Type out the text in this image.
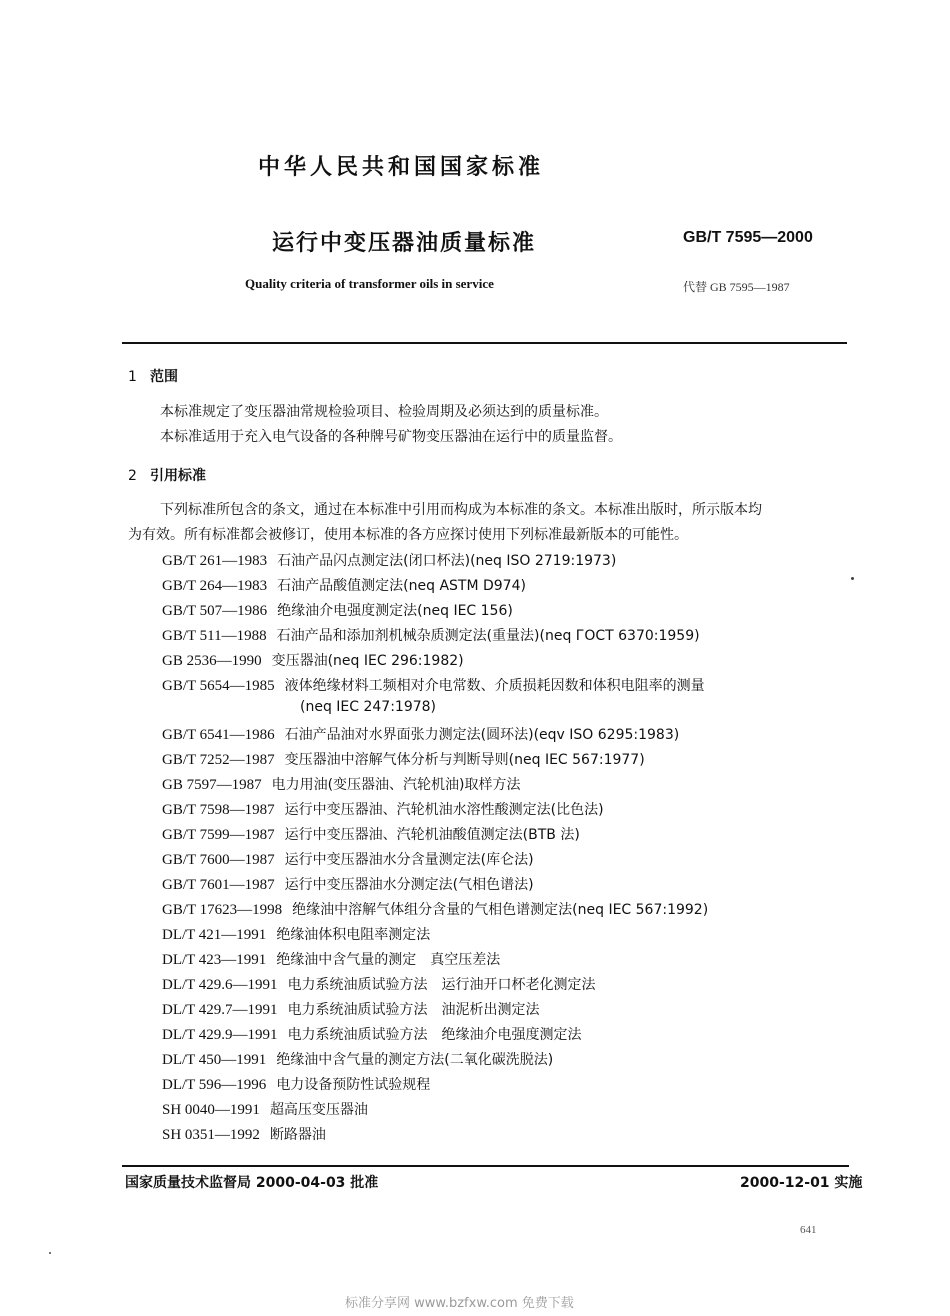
中华人民共和国国家标准
运行中变压器油质量标准	GB/T 7595—2000
Quality criteria of transformer oils in service	代替 GB 7595—1987
1 范围
本标准规定了变压器油常规检验项目、检验周期及必须达到的质量标准。
本标准适用于充入电气设备的各种牌号矿物变压器油在运行中的质量监督。
2 引用标准
下列标准所包含的条文，通过在本标准中引用而构成为本标准的条文。本标准出版时，所示版本均
为有效。所有标准都会被修订，使用本标准的各方应探讨使用下列标准最新版本的可能性。
GB/T 261—1983 石油产品闪点测定法(闭口杯法)(neq ISO 2719:1973)
GB/T 264—1983 石油产品酸值测定法(neq ASTM D974)
GB/T 507—1986 绝缘油介电强度测定法(neq IEC 156)
GB/T 511—1988 石油产品和添加剂机械杂质测定法(重量法)(neq ГОСТ 6370:1959)
GB 2536—1990 变压器油(neq IEC 296:1982)
GB/T 5654—1985 液体绝缘材料工频相对介电常数、介质损耗因数和体积电阻率的测量
(neq IEC 247:1978)
GB/T 6541—1986 石油产品油对水界面张力测定法(圆环法)(eqv ISO 6295:1983)
GB/T 7252—1987 变压器油中溶解气体分析与判断导则(neq IEC 567:1977)
GB 7597—1987 电力用油(变压器油、汽轮机油)取样方法
GB/T 7598—1987 运行中变压器油、汽轮机油水溶性酸测定法(比色法)
GB/T 7599—1987 运行中变压器油、汽轮机油酸值测定法(BTB 法)
GB/T 7600—1987 运行中变压器油水分含量测定法(库仑法)
GB/T 7601—1987 运行中变压器油水分测定法(气相色谱法)
GB/T 17623—1998 绝缘油中溶解气体组分含量的气相色谱测定法(neq IEC 567:1992)
DL/T 421—1991 绝缘油体积电阻率测定法
DL/T 423—1991 绝缘油中含气量的测定　真空压差法
DL/T 429.6—1991 电力系统油质试验方法　运行油开口杯老化测定法
DL/T 429.7—1991 电力系统油质试验方法　油泥析出测定法
DL/T 429.9—1991 电力系统油质试验方法　绝缘油介电强度测定法
DL/T 450—1991 绝缘油中含气量的测定方法(二氧化碳洗脱法)
DL/T 596—1996 电力设备预防性试验规程
SH 0040—1991 超高压变压器油
SH 0351—1992 断路器油
国家质量技术监督局 2000-04-03 批准	2000-12-01 实施
641
标准分享网 www.bzfxw.com 免费下载
